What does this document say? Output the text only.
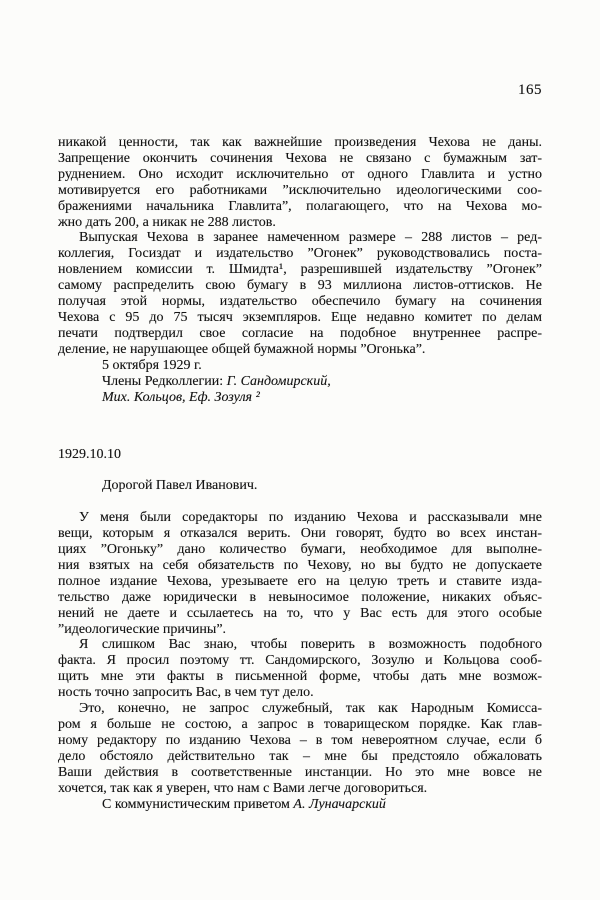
165
никакой ценности, так как важнейшие произведения Чехова не даны.
Запрещение окончить сочинения Чехова не связано с бумажным зат-
руднением. Оно исходит исключительно от одного Главлита и устно
мотивируется его работниками ”исключительно идеологическими соо-
бражениями начальника Главлита”, полагающего, что на Чехова мо-
жно дать 200, а никак не 288 листов.
Выпуская Чехова в заранее намеченном размере – 288 листов – ред-
коллегия, Госиздат и издательство ”Огонек” руководствовались поста-
новлением комиссии т. Шмидта¹, разрешившей издательству ”Огонек”
самому распределить свою бумагу в 93 миллиона листов-оттисков. Не
получая этой нормы, издательство обеспечило бумагу на сочинения
Чехова с 95 до 75 тысяч экземпляров. Еще недавно комитет по делам
печати подтвердил свое согласие на подобное внутреннее распре-
деление, не нарушающее общей бумажной нормы ”Огонька”.
5 октября 1929 г.
Члены Редколлегии: Г. Сандомирский,
Мих. Кольцов, Еф. Зозуля ²
1929.10.10
Дорогой Павел Иванович.
У меня были соредакторы по изданию Чехова и рассказывали мне
вещи, которым я отказался верить. Они говорят, будто во всех инстан-
циях ”Огоньку” дано количество бумаги, необходимое для выполне-
ния взятых на себя обязательств по Чехову, но вы будто не допускаете
полное издание Чехова, урезываете его на целую треть и ставите изда-
тельство даже юридически в невыносимое положение, никаких объяс-
нений не даете и ссылаетесь на то, что у Вас есть для этого особые
”идеологические причины”.
Я слишком Вас знаю, чтобы поверить в возможность подобного
факта. Я просил поэтому тт. Сандомирского, Зозулю и Кольцова сооб-
щить мне эти факты в письменной форме, чтобы дать мне возмож-
ность точно запросить Вас, в чем тут дело.
Это, конечно, не запрос служебный, так как Народным Комисса-
ром я больше не состою, а запрос в товарищеском порядке. Как глав-
ному редактору по изданию Чехова – в том невероятном случае, если б
дело обстояло действительно так – мне бы предстояло обжаловать
Ваши действия в соответственные инстанции. Но это мне вовсе не
хочется, так как я уверен, что нам с Вами легче договориться.
С коммунистическим приветом А. Луначарский
